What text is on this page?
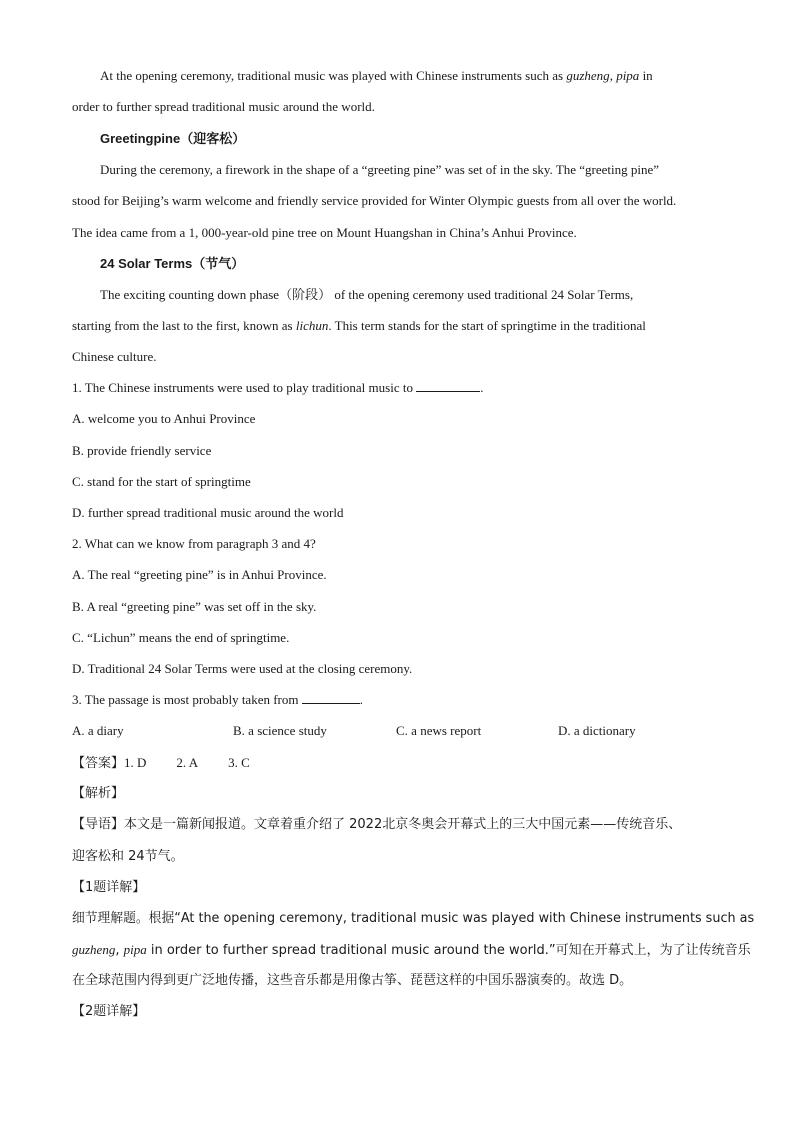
At the opening ceremony, traditional music was played with Chinese instruments such as guzheng, pipa in
order to further spread traditional music around the world.
Greetingpine（迎客松）
During the ceremony, a firework in the shape of a “greeting pine” was set of in the sky. The “greeting pine”
stood for Beijing’s warm welcome and friendly service provided for Winter Olympic guests from all over the world.
The idea came from a 1, 000-year-old pine tree on Mount Huangshan in China’s Anhui Province.
24 Solar Terms（节气）
The exciting counting down phase（阶段） of the opening ceremony used traditional 24 Solar Terms,
starting from the last to the first, known as lichun. This term stands for the start of springtime in the traditional
Chinese culture.
1. The Chinese instruments were used to play traditional music to	.
A. welcome you to Anhui Province
B. provide friendly service
C. stand for the start of springtime
D. further spread traditional music around the world
2. What can we know from paragraph 3 and 4?
A. The real “greeting pine” is in Anhui Province.
B. A real “greeting pine” was set off in the sky.
C. “Lichun” means the end of springtime.
D. Traditional 24 Solar Terms were used at the closing ceremony.
3. The passage is most probably taken from	.
A. a diary	B. a science study	C. a news report	D. a dictionary
【答案】1. D 2. A 3. C
【解析】
【导语】本文是一篇新闻报道。文章着重介绍了 2022北京冬奥会开幕式上的三大中国元素——传统音乐、
迎客松和 24节气。
【1题详解】
细节理解题。根据“At the opening ceremony, traditional music was played with Chinese instruments such as
guzheng, pipa in order to further spread traditional music around the world.”可知在开幕式上，为了让传统音乐
在全球范围内得到更广泛地传播，这些音乐都是用像古筝、琵琶这样的中国乐器演奏的。故选 D。
【2题详解】
